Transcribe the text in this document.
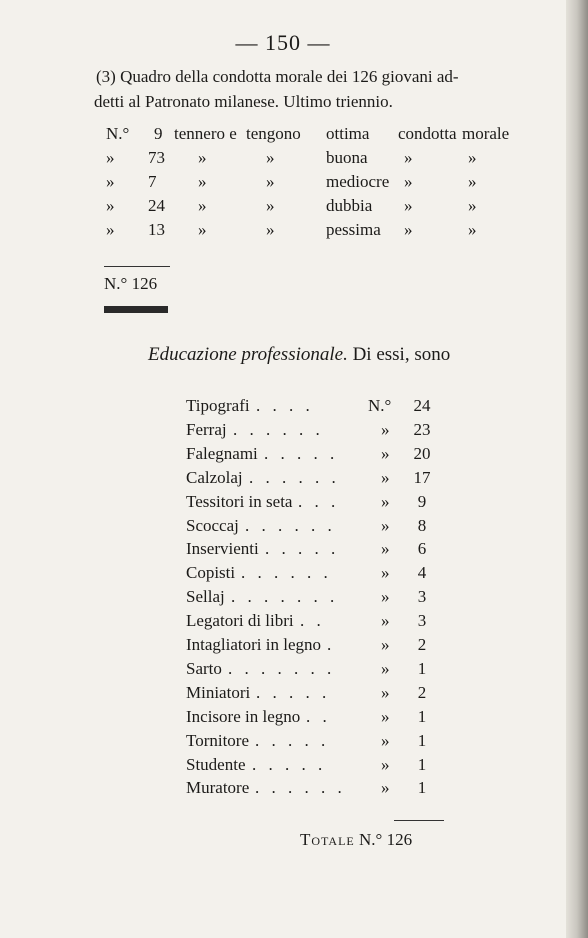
— 150 —
(3) Quadro della condotta morale dei 126 giovani ad-
detti al Patronato milanese. Ultimo triennio.
N.° 9 tennero e tengono ottima condotta morale
» 73 »	»	buona »	»
» 7 »	»	mediocre »	»
» 24 »	»	dubbia »	»
» 13 »	»	pessima »	»
N.° 126
Educazione professionale. Di essi, sono
Tipografi . . . .	N.° 24
Ferraj . . . . . .	» 23
Falegnami . . . . .	» 20
Calzolaj . . . . . . » 17
Tessitori in seta . . . »	9
Scoccaj . . . . . .	»	8
Inservienti . . . . . »	6
Copisti . . . . . .	»	4
Sellaj . . . . . . .	»	3
Legatori di libri . .	»	3
Intagliatori in legno .	»	2
Sarto . . . . . . .	»	1
Miniatori . . . . .	»	2
Incisore in legno . .	»	1
Tornitore . . . . .	»	1
Studente . . . . .	»	1
Muratore . . . . . . »	1
Totale N.° 126
